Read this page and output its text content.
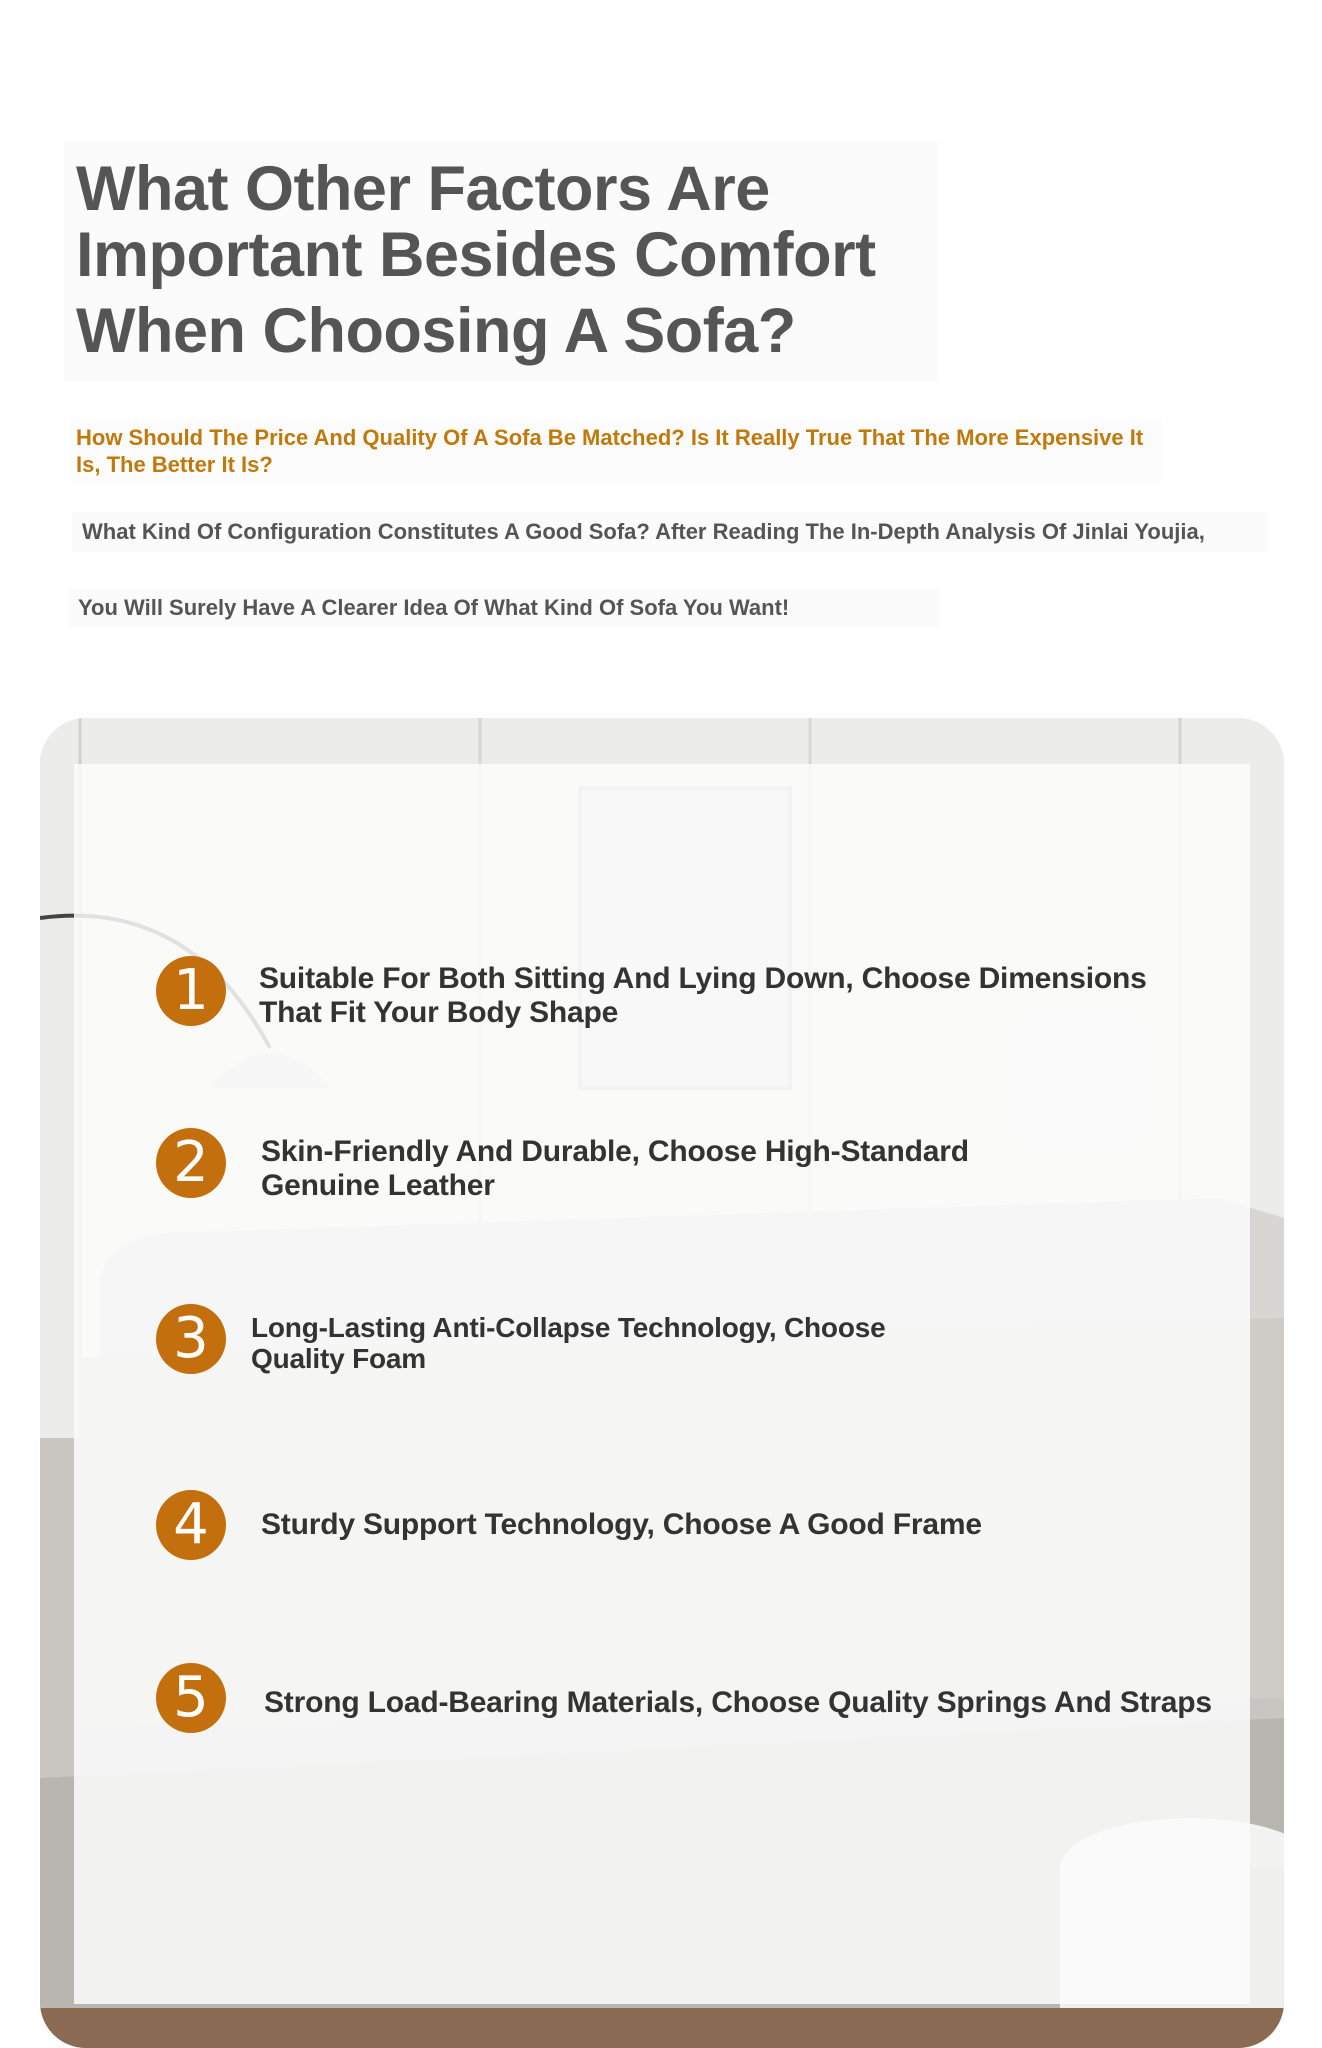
What Other Factors Are
Important Besides Comfort
When Choosing A Sofa?
How Should The Price And Quality Of A Sofa Be Matched? Is It Really True That The More Expensive It Is, The Better It Is?
What Kind Of Configuration Constitutes A Good Sofa? After Reading The In-Depth Analysis Of Jinlai Youjia,
You Will Surely Have A Clearer Idea Of What Kind Of Sofa You Want!
1	Suitable For Both Sitting And Lying Down, Choose Dimensions That Fit Your Body Shape
2	Skin-Friendly And Durable, Choose High-Standard Genuine Leather
3	Long-Lasting Anti-Collapse Technology, Choose Quality Foam
4	Sturdy Support Technology, Choose A Good Frame
5	Strong Load-Bearing Materials, Choose Quality Springs And Straps
